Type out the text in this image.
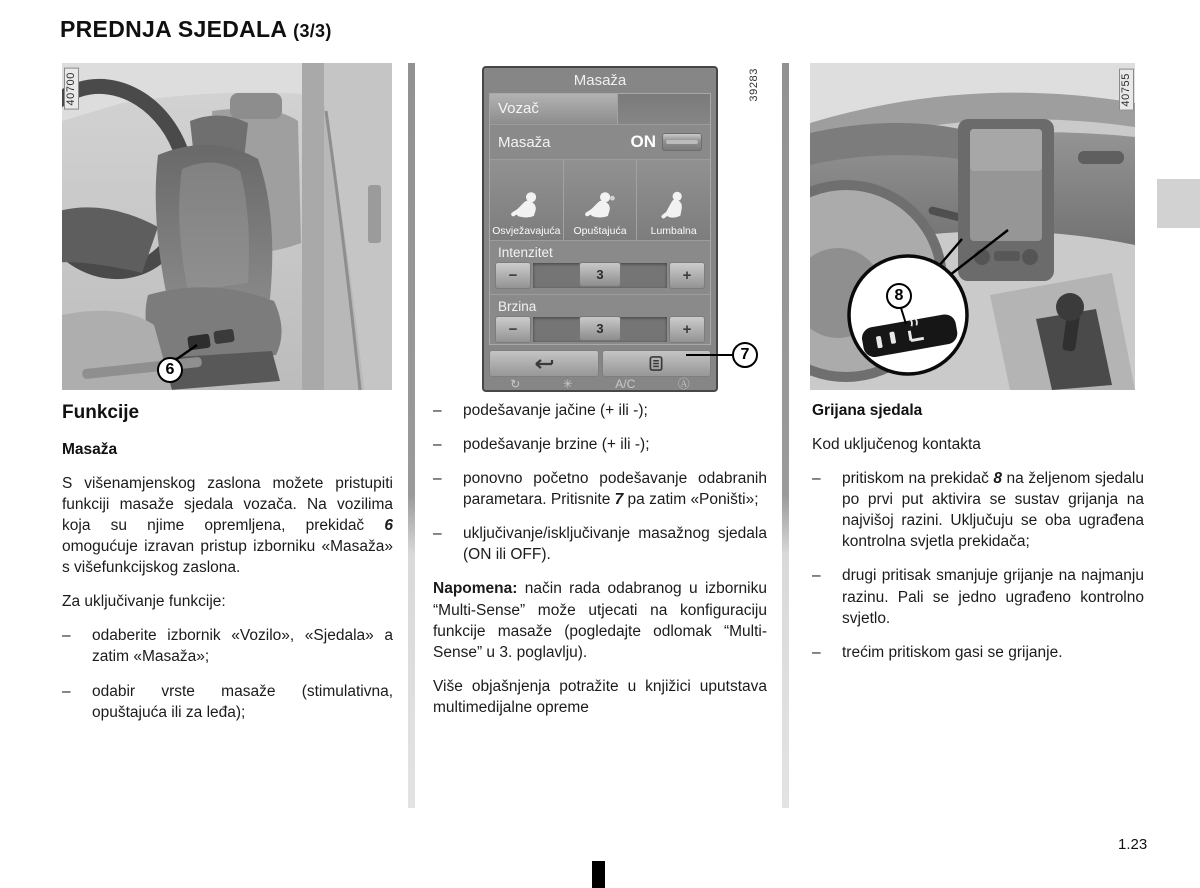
PREDNJA SJEDALA (3/3)
40700
6
Masaža
Vozač
Masaža	ON
Osvježavajuća Opuštajuća Lumbalna
Intenzitet
−	3	+
Brzina
−	3	+
↻	✳	A/C	Ⓐ
7
39283
8
40755
Funkcije
Masaža

S višenamjenskog zaslona možete pristupiti funkciji masaže sjedala vozača. Na vozilima koja su njime opremljena, prekidač 6 omogućuje izravan pristup izborniku «Masaža» s višefunkcijskog zaslona.

Za uključivanje funkcije:

–	odaberite izbornik «Vozilo», «Sjedala» a zatim «Masaža»;
–	odabir vrste masaže (stimulativna, opuštajuća ili za leđa);
–	podešavanje jačine (+ ili -);
–	podešavanje brzine (+ ili -);
–	ponovno početno podešavanje odabranih parametara. Pritisnite 7 pa zatim «Poništi»;
–	uključivanje/isključivanje masažnog sjedala (ON ili OFF).

Napomena: način rada odabranog u izborniku “Multi-Sense” može utjecati na konfiguraciju funkcije masaže (pogledajte odlomak “Multi-Sense” u 3. poglavlju).

Više objašnjenja potražite u knjižici uputstava multimedijalne opreme

Grijana sjedala

Kod uključenog kontakta

–	pritiskom na prekidač 8 na željenom sjedalu po prvi put aktivira se sustav grijanja na najvišoj razini. Uključuju se oba ugrađena kontrolna svjetla prekidača;
–	drugi pritisak smanjuje grijanje na najmanju razinu. Pali se jedno ugrađeno kontrolno svjetlo.
–	trećim pritiskom gasi se grijanje.
1.23
